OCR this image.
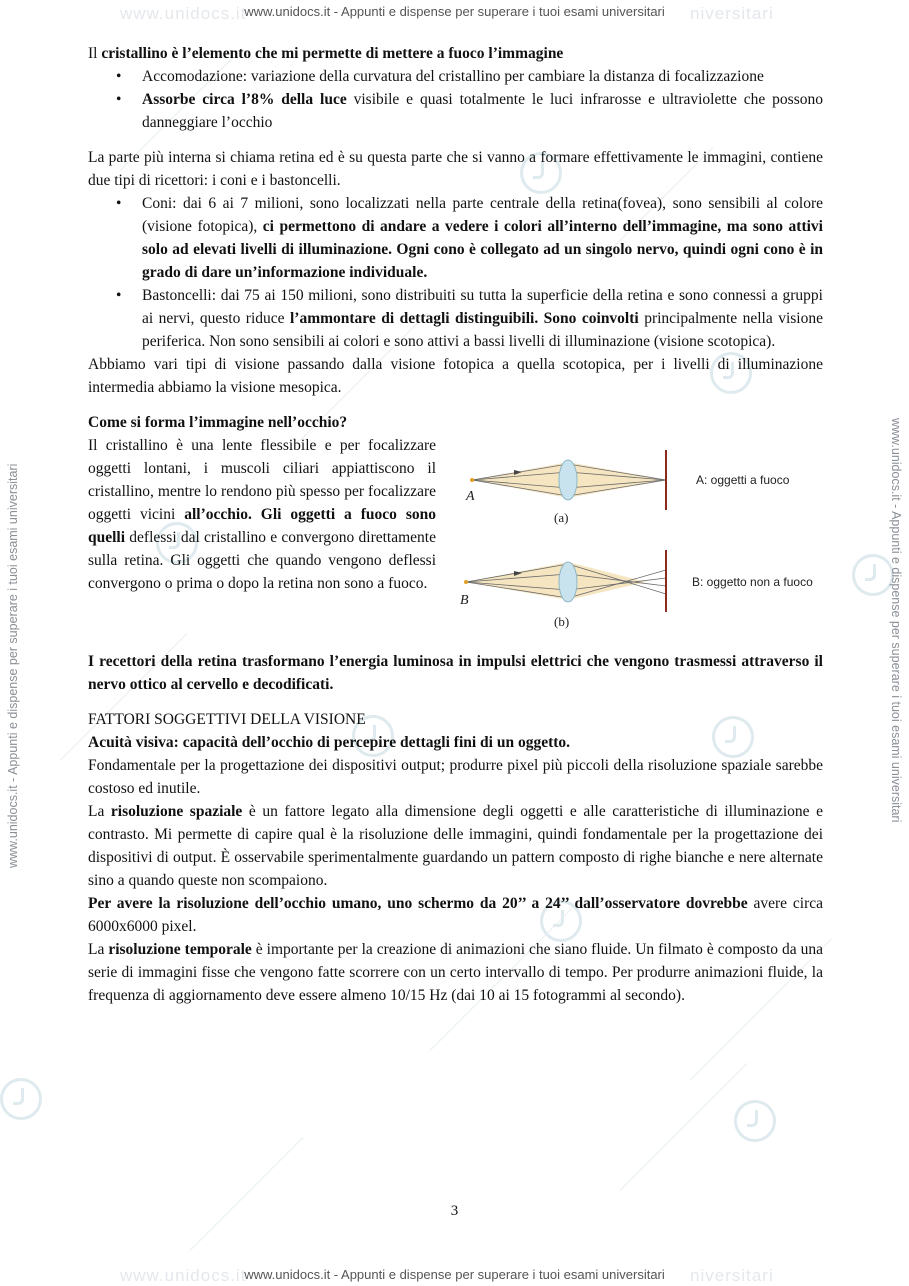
www.unidocs.it	niversitari
www.unidocs.it	niversitari
www.unidocs.it - Appunti e dispense per superare i tuoi esami universitari
www.unidocs.it - Appunti e dispense per superare i tuoi esami universitari
www.unidocs.it - Appunti e dispense per superare i tuoi esami universitari	www.unidocs.it - Appunti e dispense per superare i tuoi esami universitari

Il cristallino è l’elemento che mi permette di mettere a fuoco l’immagine

• Accomodazione: variazione della curvatura del cristallino per cambiare la distanza di focalizzazione
• Assorbe circa l’8% della luce visibile e quasi totalmente le luci infrarosse e ultraviolette che possono danneggiare l’occhio

La parte più interna si chiama retina ed è su questa parte che si vanno a formare effettivamente le immagini, contiene due tipi di ricettori: i coni e i bastoncelli.

• Coni: dai 6 ai 7 milioni, sono localizzati nella parte centrale della retina(fovea), sono sensibili al colore (visione fotopica), ci permettono di andare a vedere i colori all’interno dell’immagine, ma sono attivi solo ad elevati livelli di illuminazione. Ogni cono è collegato ad un singolo nervo, quindi ogni cono è in grado di dare un’informazione individuale.
• Bastoncelli: dai 75 ai 150 milioni, sono distribuiti su tutta la superficie della retina e sono connessi a gruppi ai nervi, questo riduce l’ammontare di dettagli distinguibili. Sono coinvolti principalmente nella visione periferica. Non sono sensibili ai colori e sono attivi a bassi livelli di illuminazione (visione scotopica).

Abbiamo vari tipi di visione passando dalla visione fotopica a quella scotopica, per i livelli di illuminazione intermedia abbiamo la visione mesopica.

Come si forma l’immagine nell’occhio?

Il cristallino è una lente flessibile e per focalizzare oggetti lontani, i muscoli ciliari appiattiscono il cristallino, mentre lo rendono più spesso per focalizzare oggetti vicini all’occhio. Gli oggetti a fuoco sono quelli deflessi dal cristallino e convergono direttamente sulla retina. Gli oggetti che quando vengono deflessi convergono o prima o dopo la retina non sono a fuoco.

A
(a)
A: oggetti a fuoco
B
(b)
B: oggetto non a fuoco

I recettori della retina trasformano l’energia luminosa in impulsi elettrici che vengono trasmessi attraverso il nervo ottico al cervello e decodificati.

FATTORI SOGGETTIVI DELLA VISIONE

Acuità visiva: capacità dell’occhio di percepire dettagli fini di un oggetto.

Fondamentale per la progettazione dei dispositivi output; produrre pixel più piccoli della risoluzione spaziale sarebbe costoso ed inutile.

La risoluzione spaziale è un fattore legato alla dimensione degli oggetti e alle caratteristiche di illuminazione e contrasto. Mi permette di capire qual è la risoluzione delle immagini, quindi fondamentale per la progettazione dei dispositivi di output. È osservabile sperimentalmente guardando un pattern composto di righe bianche e nere alternate sino a quando queste non scompaiono.

Per avere la risoluzione dell’occhio umano, uno schermo da 20’’ a 24’’ dall’osservatore dovrebbe avere circa 6000x6000 pixel.

La risoluzione temporale è importante per la creazione di animazioni che siano fluide. Un filmato è composto da una serie di immagini fisse che vengono fatte scorrere con un certo intervallo di tempo. Per produrre animazioni fluide, la frequenza di aggiornamento deve essere almeno 10/15 Hz (dai 10 ai 15 fotogrammi al secondo).

3
